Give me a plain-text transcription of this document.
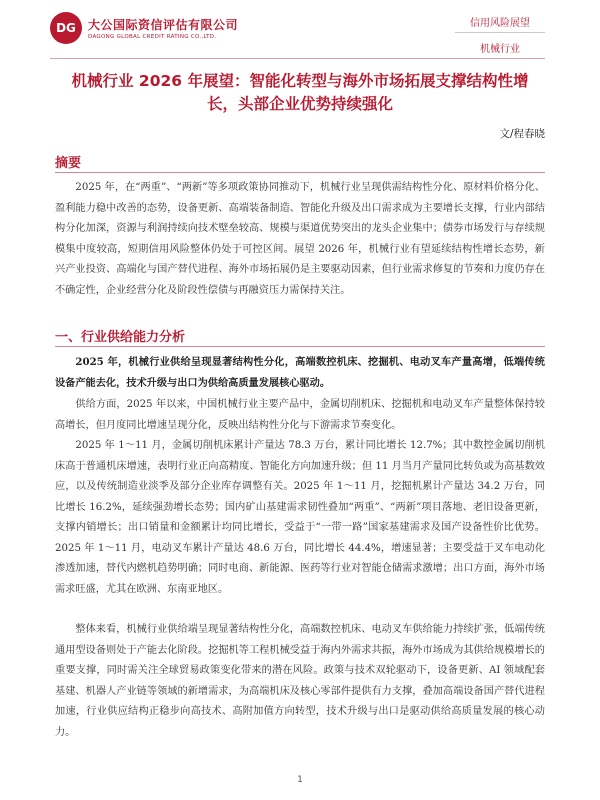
DG	大公国际资信评估有限公司
DAGONG GLOBAL CREDIT RATING CO.,LTD.
信用风险展望
机械行业
机械行业 2026 年展望：智能化转型与海外市场拓展支撑结构性增长，头部企业优势持续强化
文/程春晓
摘要
2025 年，在“两重”、“两新”等多项政策协同推动下，机械行业呈现供需结构性分化、原材料价格分化、盈利能力稳中改善的态势，设备更新、高端装备制造、智能化升级及出口需求成为主要增长支撑，行业内部结构分化加深，资源与利润持续向技术壁垒较高、规模与渠道优势突出的龙头企业集中；债券市场发行与存续规模集中度较高，短期信用风险整体仍处于可控区间。展望 2026 年，机械行业有望延续结构性增长态势，新兴产业投资、高端化与国产替代进程、海外市场拓展仍是主要驱动因素，但行业需求修复的节奏和力度仍存在不确定性，企业经营分化及阶段性偿债与再融资压力需保持关注。
一、行业供给能力分析
2025 年，机械行业供给呈现显著结构性分化，高端数控机床、挖掘机、电动叉车产量高增，低端传统设备产能去化，技术升级与出口为供给高质量发展核心驱动。
供给方面，2025 年以来，中国机械行业主要产品中，金属切削机床、挖掘机和电动叉车产量整体保持较高增长，但月度同比增速呈现分化，反映出结构性分化与下游需求节奏变化。
2025 年 1～11 月，金属切削机床累计产量达 78.3 万台，累计同比增长 12.7%；其中数控金属切削机床高于普通机床增速，表明行业正向高精度、智能化方向加速升级；但 11 月当月产量同比转负或为高基数效应，以及传统制造业淡季及部分企业库存调整有关。2025 年 1～11 月，挖掘机累计产量达 34.2 万台，同比增长 16.2%，延续强劲增长态势；国内矿山基建需求韧性叠加“两重”、“两新”项目落地、老旧设备更新，支撑内销增长；出口销量和金额累计均同比增长，受益于“一带一路”国家基建需求及国产设备性价比优势。2025 年 1～11 月，电动叉车累计产量达 48.6 万台，同比增长 44.4%，增速显著；主要受益于叉车电动化渗透加速，替代内燃机趋势明确；同时电商、新能源、医药等行业对智能仓储需求激增；出口方面，海外市场需求旺盛，尤其在欧洲、东南亚地区。
整体来看，机械行业供给端呈现显著结构性分化，高端数控机床、电动叉车供给能力持续扩张，低端传统通用型设备则处于产能去化阶段。挖掘机等工程机械受益于海内外需求共振，海外市场成为其供给规模增长的重要支撑，同时需关注全球贸易政策变化带来的潜在风险。政策与技术双轮驱动下，设备更新、AI 领域配套基建、机器人产业链等领域的新增需求，为高端机床及核心零部件提供有力支撑，叠加高端设备国产替代进程加速，行业供应结构正稳步向高技术、高附加值方向转型，技术升级与出口是驱动供给高质量发展的核心动力。
1
